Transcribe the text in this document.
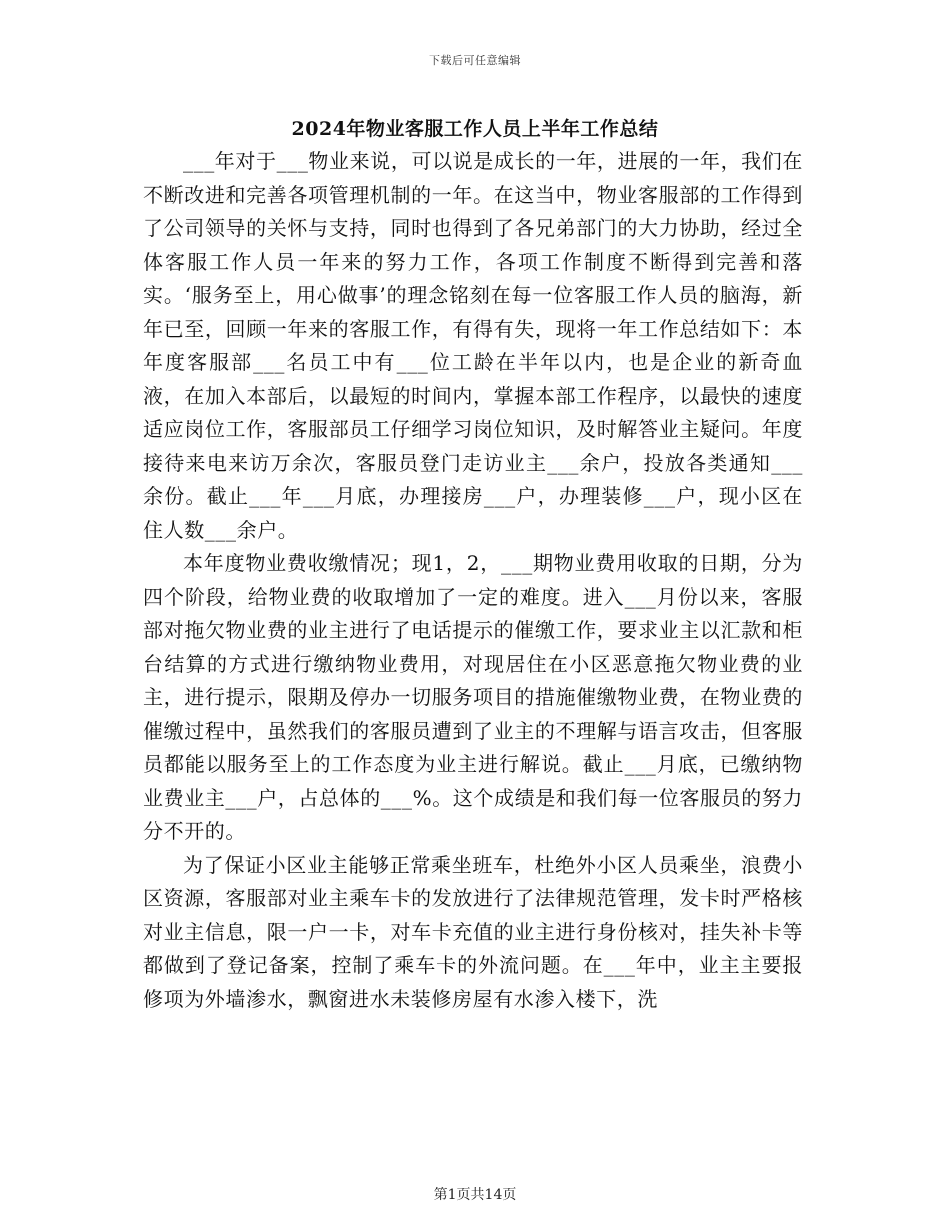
下载后可任意编辑
2024年物业客服工作人员上半年工作总结

___年对于___物业来说，可以说是成长的一年，进展的一年，我们在不断改进和完善各项管理机制的一年。在这当中，物业客服部的工作得到了公司领导的关怀与支持，同时也得到了各兄弟部门的大力协助，经过全体客服工作人员一年来的努力工作，各项工作制度不断得到完善和落实。‘服务至上，用心做事’的理念铭刻在每一位客服工作人员的脑海，新年已至，回顾一年来的客服工作，有得有失，现将一年工作总结如下：本年度客服部___名员工中有___位工龄在半年以内，也是企业的新奇血液，在加入本部后，以最短的时间内，掌握本部工作程序，以最快的速度适应岗位工作，客服部员工仔细学习岗位知识，及时解答业主疑问。年度接待来电来访万余次，客服员登门走访业主___余户，投放各类通知___余份。截止___年___月底，办理接房___户，办理装修___户，现小区在住人数___余户。

本年度物业费收缴情况；现1，2，___期物业费用收取的日期，分为四个阶段，给物业费的收取增加了一定的难度。进入___月份以来，客服部对拖欠物业费的业主进行了电话提示的催缴工作，要求业主以汇款和柜台结算的方式进行缴纳物业费用，对现居住在小区恶意拖欠物业费的业主，进行提示，限期及停办一切服务项目的措施催缴物业费，在物业费的催缴过程中，虽然我们的客服员遭到了业主的不理解与语言攻击，但客服员都能以服务至上的工作态度为业主进行解说。截止___月底，已缴纳物业费业主___户，占总体的___%。这个成绩是和我们每一位客服员的努力分不开的。

为了保证小区业主能够正常乘坐班车，杜绝外小区人员乘坐，浪费小区资源，客服部对业主乘车卡的发放进行了法律规范管理，发卡时严格核对业主信息，限一户一卡，对车卡充值的业主进行身份核对，挂失补卡等都做到了登记备案，控制了乘车卡的外流问题。在___年中，业主主要报修项为外墙渗水，飘窗进水未装修房屋有水渗入楼下，洗

第1页共14页
